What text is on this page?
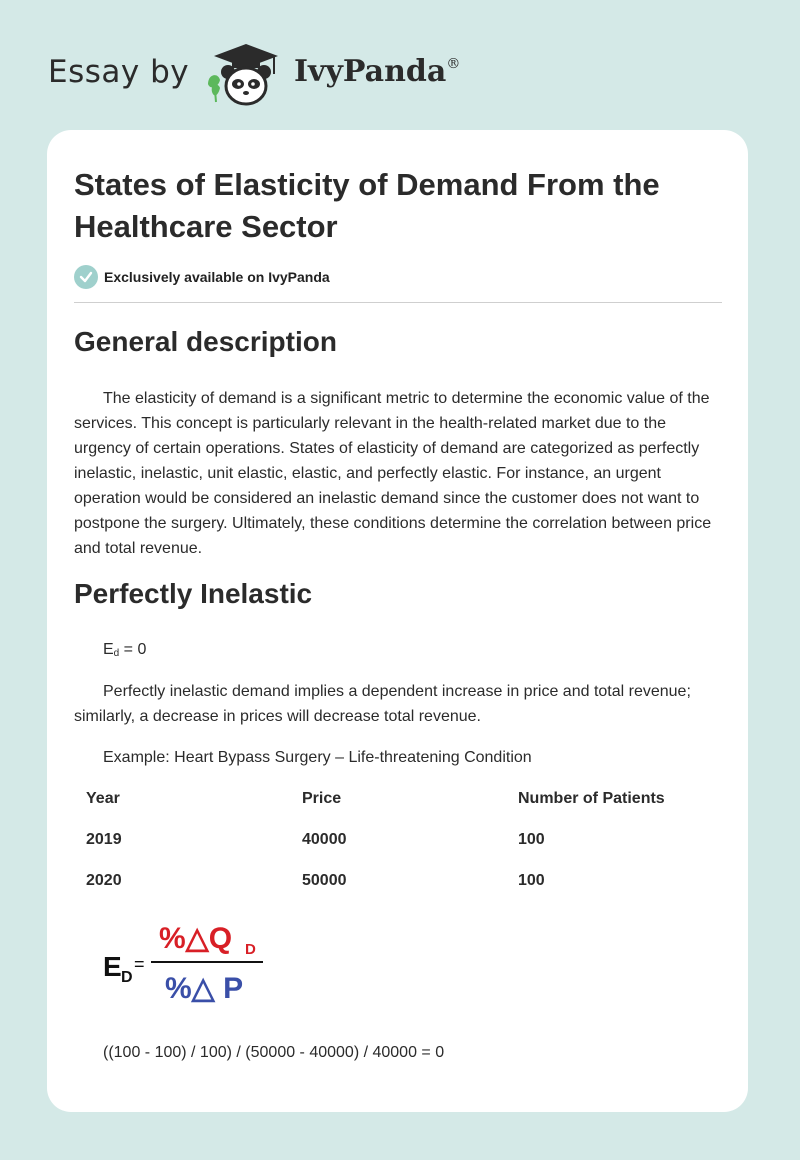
Essay by	IvyPanda®
States of Elasticity of Demand From the Healthcare Sector
Exclusively available on IvyPanda
General description

The elasticity of demand is a significant metric to determine the economic value of the services. This concept is particularly relevant in the health-related market due to the urgency of certain operations. States of elasticity of demand are categorized as perfectly inelastic, inelastic, unit elastic, elastic, and perfectly elastic. For instance, an urgent operation would be considered an inelastic demand since the customer does not want to postpone the surgery. Ultimately, these conditions determine the correlation between price and total revenue.

Perfectly Inelastic

Ed = 0

Perfectly inelastic demand implies a dependent increase in price and total revenue; similarly, a decrease in prices will decrease total revenue.

Example: Heart Bypass Surgery – Life-threatening Condition

Year	Price	Number of Patients
2019	40000	100
2020	50000	100
E D
=
%△Q D
%△ P

((100 - 100) / 100) / (50000 - 40000) / 40000 = 0
